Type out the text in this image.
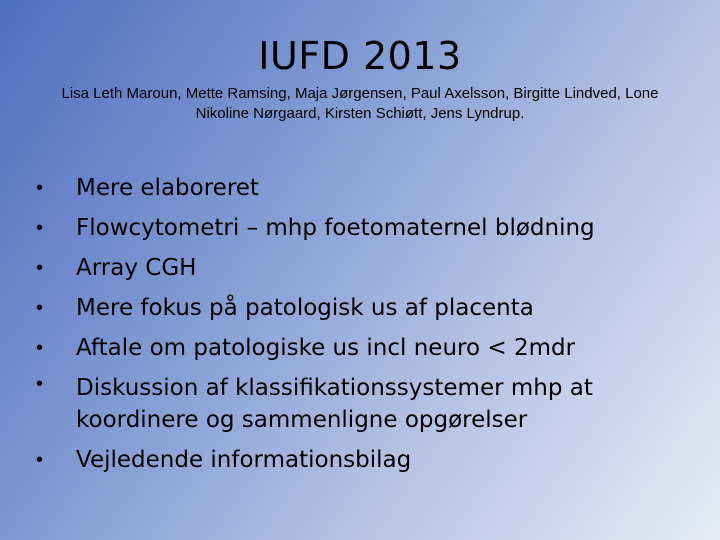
IUFD 2013
Lisa Leth Maroun, Mette Ramsing, Maja Jørgensen, Paul Axelsson, Birgitte Lindved, Lone Nikoline Nørgaard, Kirsten Schiøtt, Jens Lyndrup.
•	Mere elaboreret
•	Flowcytometri – mhp foetomaternel blødning
•	Array CGH
•	Mere fokus på patologisk us af placenta
•	Aftale om patologiske us incl neuro < 2mdr
•	Diskussion af klassifikationssystemer mhp at koordinere og sammenligne opgørelser
•	Vejledende informationsbilag
